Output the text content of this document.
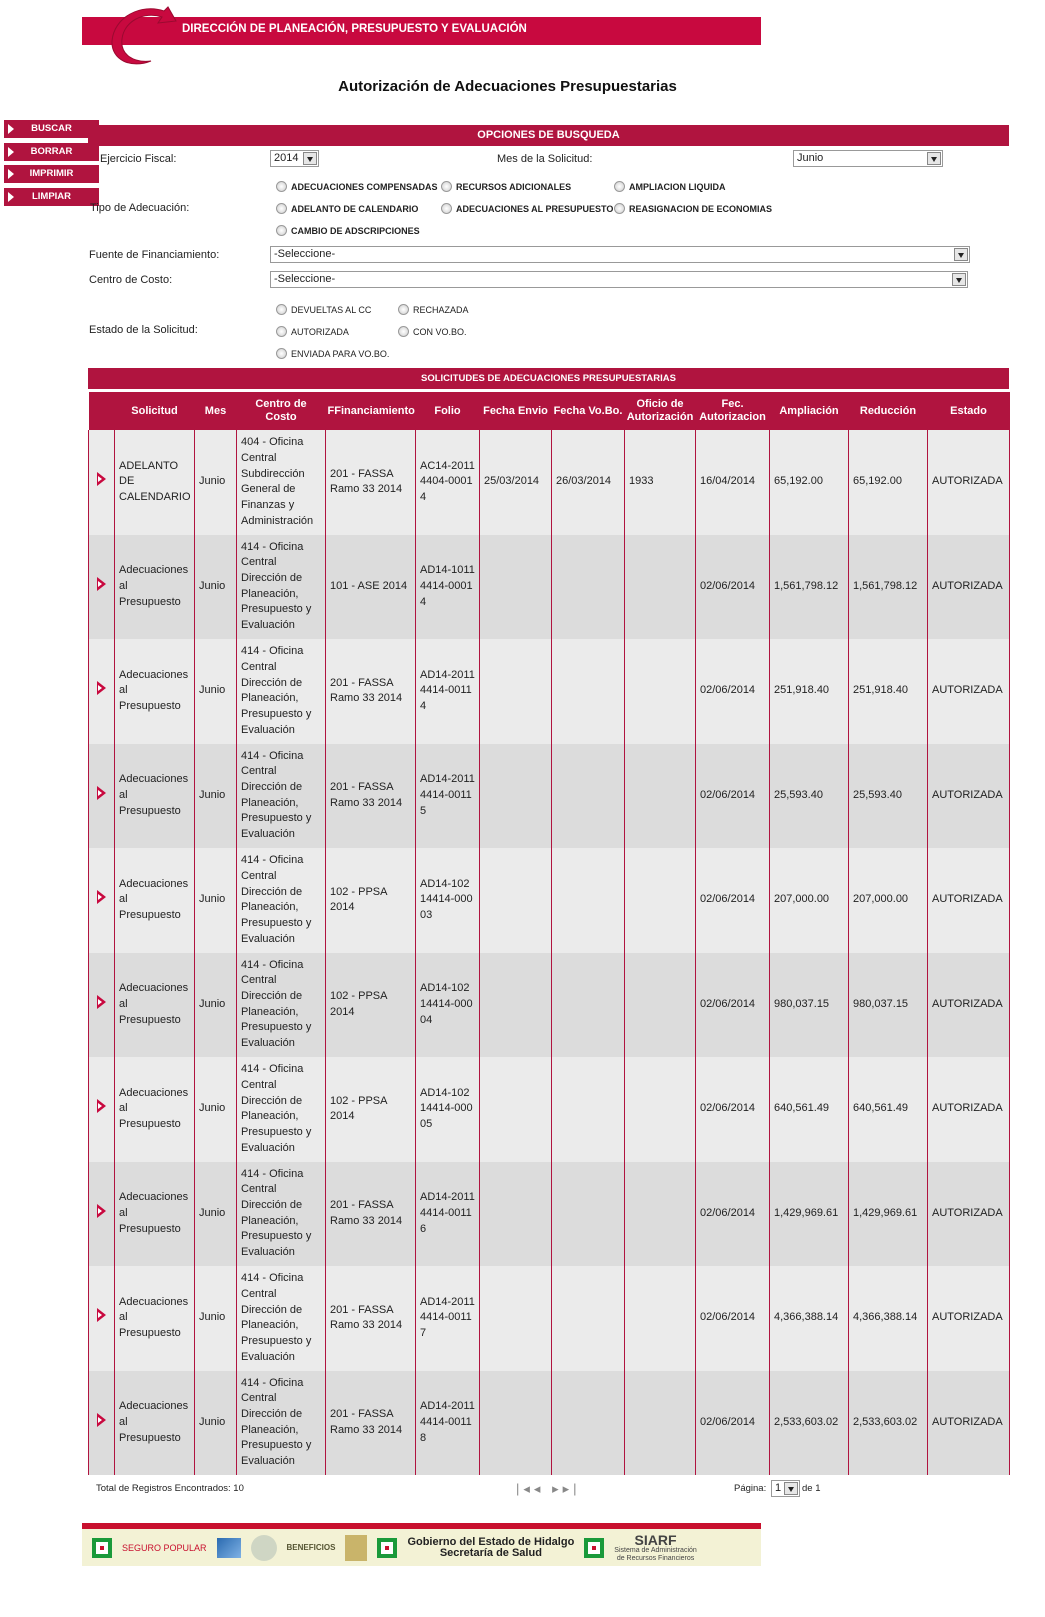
DIRECCIÓN DE PLANEACIÓN, PRESUPUESTO Y EVALUACIÓN
Autorización de Adecuaciones Presupuestarias
BUSCAR
BORRAR
IMPRIMIR
LIMPIAR
OPCIONES DE BUSQUEDA
Ejercicio Fiscal:	2014	Mes de la Solicitud:	Junio
Tipo de Adecuación:
ADECUACIONES COMPENSADAS	RECURSOS ADICIONALES	AMPLIACION LIQUIDA
ADELANTO DE CALENDARIO	ADECUACIONES AL PRESUPUESTO	REASIGNACION DE ECONOMIAS
CAMBIO DE ADSCRIPCIONES
Fuente de Financiamiento:	-Seleccione-
Centro de Costo:	-Seleccione-
Estado de la Solicitud:
DEVUELTAS AL CC	RECHAZADA
AUTORIZADA	CON VO.BO.
ENVIADA PARA VO.BO.
SOLICITUDES DE ADECUACIONES PRESUPUESTARIAS
	Solicitud	Mes	Centro de Costo	FFinanciamiento	Folio	Fecha Envio	Fecha Vo.Bo.	Oficio de Autorización	Fec. Autorizacion	Ampliación	Reducción	Estado
	ADELANTO DE CALENDARIO	Junio	404 - Oficina Central Subdirección General de Finanzas y Administración	201 - FASSA Ramo 33 2014	AC14-20114404-00014	25/03/2014	26/03/2014	1933	16/04/2014	65,192.00	65,192.00	AUTORIZADA
	Adecuaciones al Presupuesto	Junio	414 - Oficina Central Dirección de Planeación, Presupuesto y Evaluación	101 - ASE 2014	AD14-10114414-00014				02/06/2014	1,561,798.12	1,561,798.12	AUTORIZADA
	Adecuaciones al Presupuesto	Junio	414 - Oficina Central Dirección de Planeación, Presupuesto y Evaluación	201 - FASSA Ramo 33 2014	AD14-20114414-00114				02/06/2014	251,918.40	251,918.40	AUTORIZADA
	Adecuaciones al Presupuesto	Junio	414 - Oficina Central Dirección de Planeación, Presupuesto y Evaluación	201 - FASSA Ramo 33 2014	AD14-20114414-00115				02/06/2014	25,593.40	25,593.40	AUTORIZADA
	Adecuaciones al Presupuesto	Junio	414 - Oficina Central Dirección de Planeación, Presupuesto y Evaluación	102 - PPSA 2014	AD14-10214414-00003				02/06/2014	207,000.00	207,000.00	AUTORIZADA
	Adecuaciones al Presupuesto	Junio	414 - Oficina Central Dirección de Planeación, Presupuesto y Evaluación	102 - PPSA 2014	AD14-10214414-00004				02/06/2014	980,037.15	980,037.15	AUTORIZADA
	Adecuaciones al Presupuesto	Junio	414 - Oficina Central Dirección de Planeación, Presupuesto y Evaluación	102 - PPSA 2014	AD14-10214414-00005				02/06/2014	640,561.49	640,561.49	AUTORIZADA
	Adecuaciones al Presupuesto	Junio	414 - Oficina Central Dirección de Planeación, Presupuesto y Evaluación	201 - FASSA Ramo 33 2014	AD14-20114414-00116				02/06/2014	1,429,969.61	1,429,969.61	AUTORIZADA
	Adecuaciones al Presupuesto	Junio	414 - Oficina Central Dirección de Planeación, Presupuesto y Evaluación	201 - FASSA Ramo 33 2014	AD14-20114414-00117				02/06/2014	4,366,388.14	4,366,388.14	AUTORIZADA
	Adecuaciones al Presupuesto	Junio	414 - Oficina Central Dirección de Planeación, Presupuesto y Evaluación	201 - FASSA Ramo 33 2014	AD14-20114414-00118				02/06/2014	2,533,603.02	2,533,603.02	AUTORIZADA
Total de Registros Encontrados: 10	|◂◂ ▸▸|	Página: 1	de 1
SEGURO POPULAR	BENEFICIOS	Gobierno del Estado de Hidalgo
Secretaría de Salud
SIARF
Sistema de Administración
de Recursos Financieros
